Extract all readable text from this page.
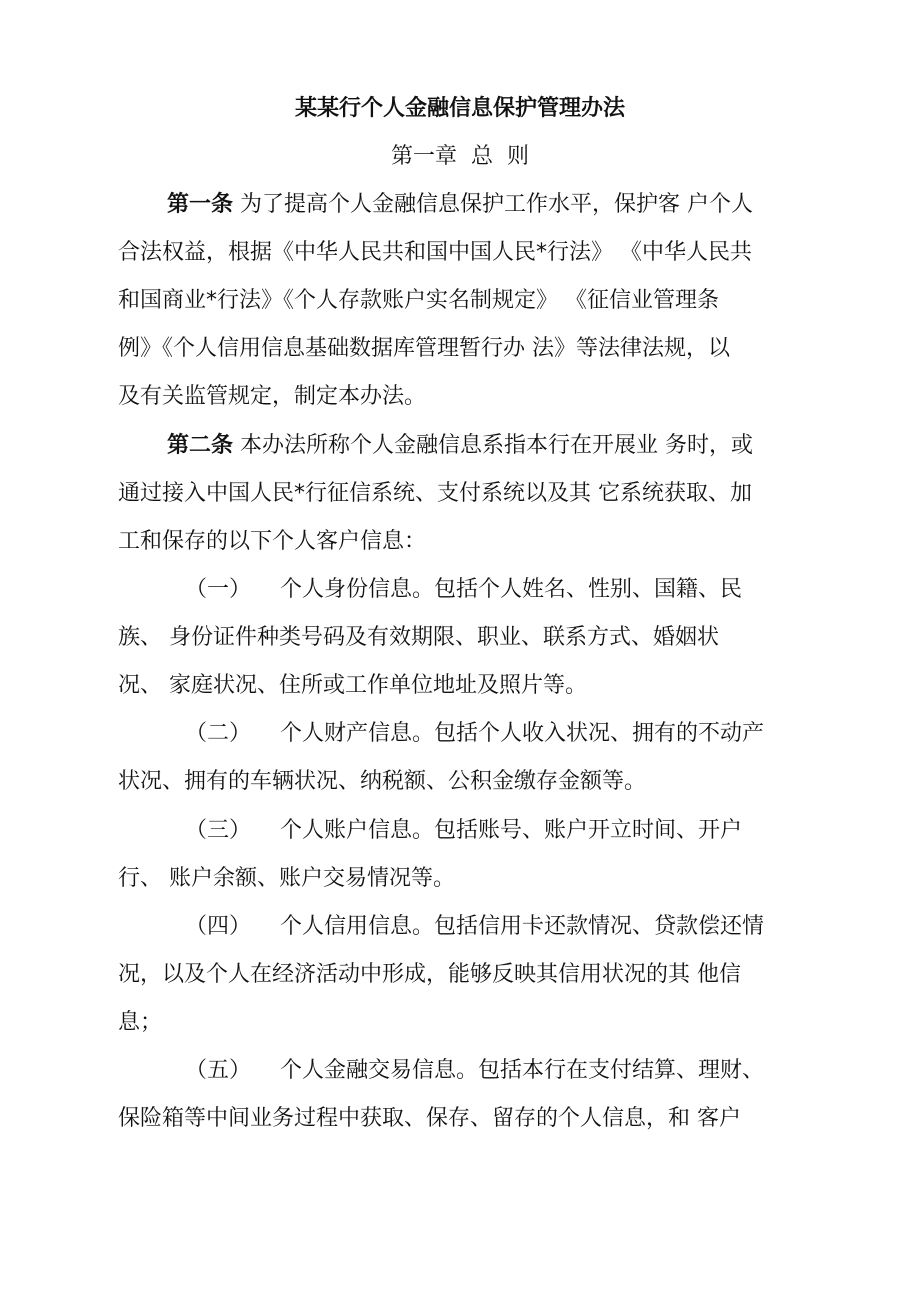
某某行个人金融信息保护管理办法
第一章  总  则
第一条 为了提高个人金融信息保护工作水平，保护客 户个人
合法权益，根据《中华人民共和国中国人民*行法》 《中华人民共
和国商业*行法》《个人存款账户实名制规定》 《征信业管理条
例》《个人信用信息基础数据库管理暂行办 法》等法律法规，以
及有关监管规定，制定本办法。
第二条 本办法所称个人金融信息系指本行在开展业 务时，或
通过接入中国人民*行征信系统、支付系统以及其 它系统获取、加
工和保存的以下个人客户信息：
（一） 个人身份信息。包括个人姓名、性别、国籍、民
族、 身份证件种类号码及有效期限、职业、联系方式、婚姻状
况、 家庭状况、住所或工作单位地址及照片等。
（二） 个人财产信息。包括个人收入状况、拥有的不动产
状况、拥有的车辆状况、纳税额、公积金缴存金额等。
（三） 个人账户信息。包括账号、账户开立时间、开户
行、 账户余额、账户交易情况等。
（四） 个人信用信息。包括信用卡还款情况、贷款偿还情
况，以及个人在经济活动中形成，能够反映其信用状况的其 他信
息；
（五） 个人金融交易信息。包括本行在支付结算、理财、
保险箱等中间业务过程中获取、保存、留存的个人信息，和 客户
